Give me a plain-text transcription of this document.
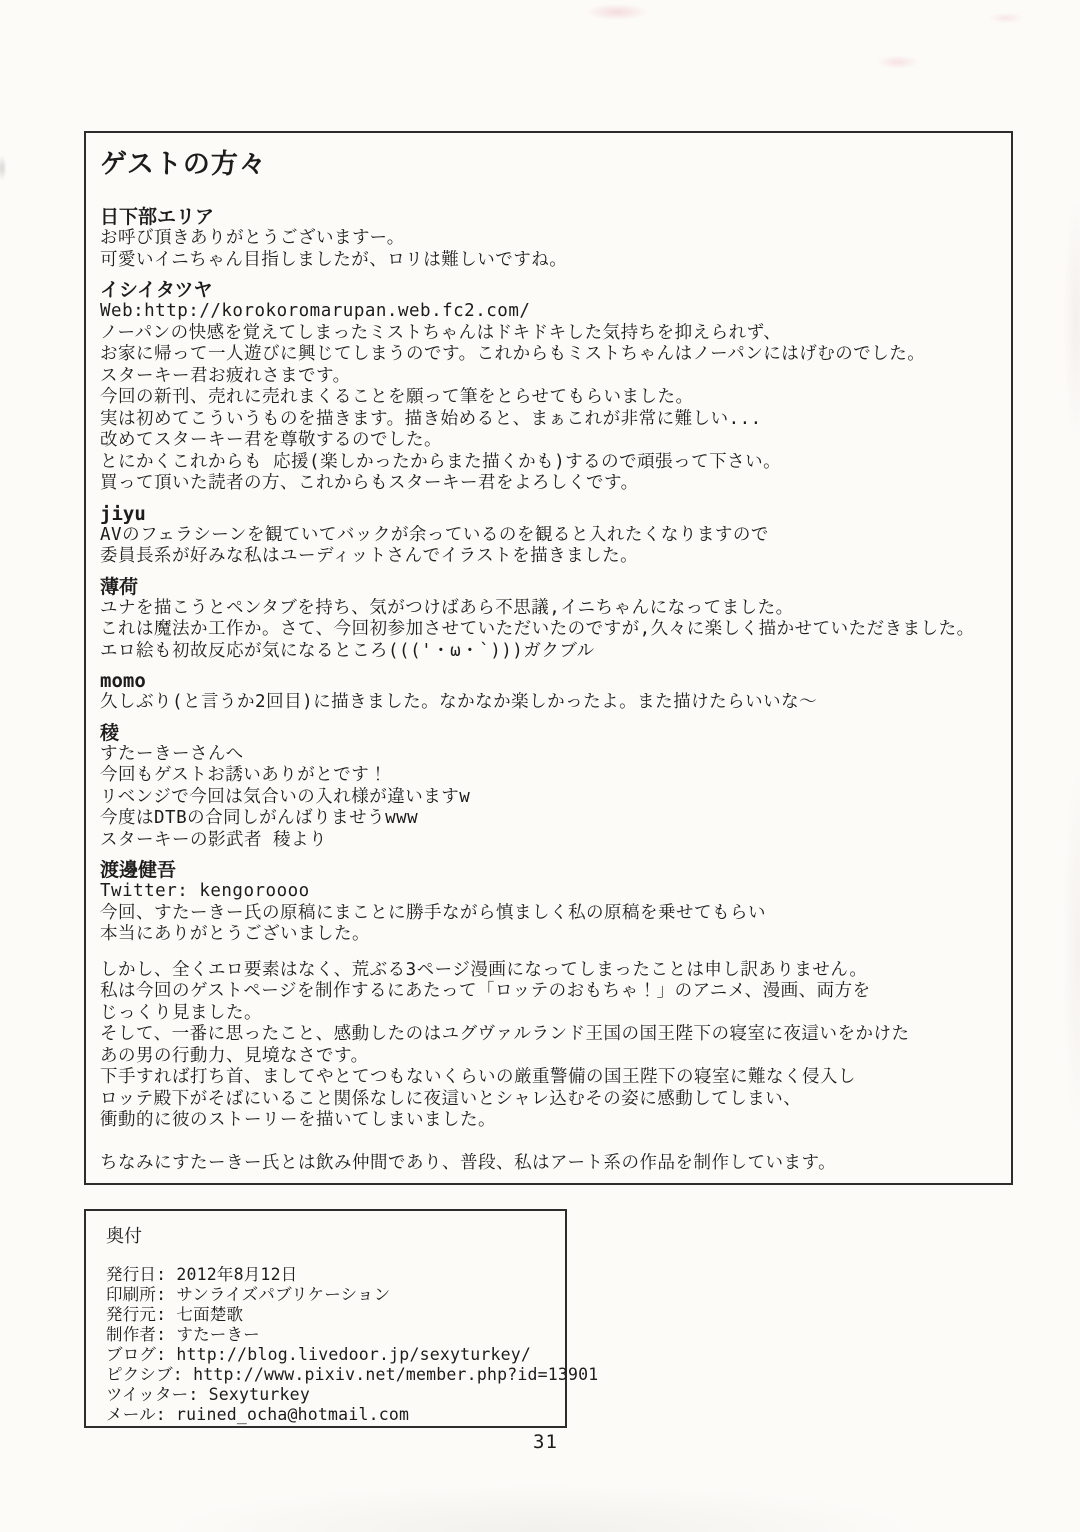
ゲストの方々
日下部エリア
お呼び頂きありがとうございますー。
可愛いイニちゃん目指しましたが、ロリは難しいですね。
イシイタツヤ
Web:http://korokoromarupan.web.fc2.com/
ノーパンの快感を覚えてしまったミストちゃんはドキドキした気持ちを抑えられず、
お家に帰って一人遊びに興じてしまうのです。これからもミストちゃんはノーパンにはげむのでした。
スターキー君お疲れさまです。
今回の新刊、売れに売れまくることを願って筆をとらせてもらいました。
実は初めてこういうものを描きます。描き始めると、まぁこれが非常に難しい...
改めてスターキー君を尊敬するのでした。
とにかくこれからも 応援(楽しかったからまた描くかも)するので頑張って下さい。
買って頂いた読者の方、これからもスターキー君をよろしくです。
jiyu
AVのフェラシーンを観ていてバックが余っているのを観ると入れたくなりますので
委員長系が好みな私はユーディットさんでイラストを描きました。
薄荷
ユナを描こうとペンタブを持ち、気がつけばあら不思議,イニちゃんになってました。
これは魔法か工作か。さて、今回初参加させていただいたのですが,久々に楽しく描かせていただきました。
エロ絵も初故反応が気になるところ((('・ω・`)))ガクブル
momo
久しぶり(と言うか2回目)に描きました。なかなか楽しかったよ。また描けたらいいな〜
稜
すたーきーさんへ
今回もゲストお誘いありがとです！
リベンジで今回は気合いの入れ様が違いますw
今度はDTBの合同しがんばりませうwww
スターキーの影武者 稜より
渡邊健吾
Twitter: kengoroooo
今回、すたーきー氏の原稿にまことに勝手ながら慎ましく私の原稿を乗せてもらい
本当にありがとうございました。
しかし、全くエロ要素はなく、荒ぶる3ページ漫画になってしまったことは申し訳ありません。
私は今回のゲストページを制作するにあたって「ロッテのおもちゃ！」のアニメ、漫画、両方を
じっくり見ました。
そして、一番に思ったこと、感動したのはユグヴァルランド王国の国王陛下の寝室に夜這いをかけた
あの男の行動力、見境なさです。
下手すれば打ち首、ましてやとてつもないくらいの厳重警備の国王陛下の寝室に難なく侵入し
ロッテ殿下がそばにいること関係なしに夜這いとシャレ込むその姿に感動してしまい、
衝動的に彼のストーリーを描いてしまいました。
ちなみにすたーきー氏とは飲み仲間であり、普段、私はアート系の作品を制作しています。
奥付
発行日: 2012年8月12日
印刷所: サンライズパブリケーション
発行元: 七面楚歌
制作者: すたーきー
ブログ: http://blog.livedoor.jp/sexyturkey/
ピクシブ: http://www.pixiv.net/member.php?id=13901
ツイッター: Sexyturkey
メール: ruined_ocha@hotmail.com
31
